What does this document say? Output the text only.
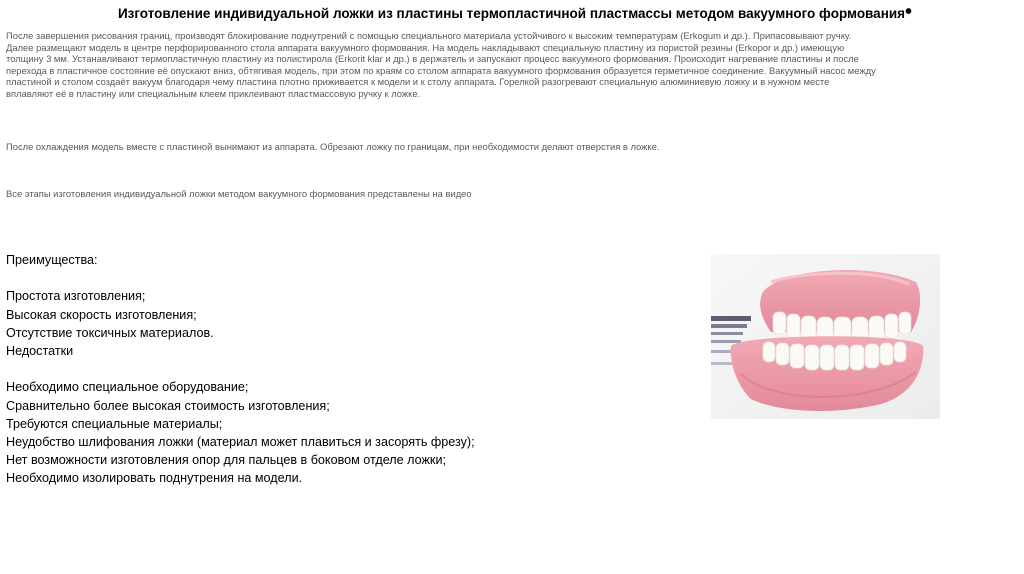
Изготовление индивидуальной ложки из пластины термопластичной пластмассы методом вакуумного формования•
После завершения рисования границ, производят блокирование поднутрений с помощью специального материала устойчивого к высоким температурам (Erkogum и др.). Припасовывают ручку.
Далее размещают модель в центре перфорированного стола аппарата вакуумного формования. На модель накладывают специальную пластину из пористой резины (Erkopor и др.) имеющую
толщину 3 мм. Устанавливают термопластичную пластину из полистирола (Erkorit klar и др.) в держатель и запускают процесс вакуумного формования. Происходит нагревание пластины и после
перехода в пластичное состояние её опускают вниз, обтягивая модель, при этом по краям со столом аппарата вакуумного формования образуется герметичное соединение. Вакуумный насос между
пластиной и столом создаёт вакуум благодаря чему пластина плотно приживается к модели и к столу аппарата. Горелкой разогревают специальную алюминиевую ложку и в нужном месте
вплавляют её в пластину или специальным клеем приклеивают пластмассовую ручку к ложке.
После охлаждения модель вместе с пластиной вынимают из аппарата. Обрезают ложку по границам, при необходимости делают отверстия в ложке.
Все этапы изготовления индивидуальной ложки методом вакуумного формования представлены на видео
Преимущества:
Простота изготовления;
Высокая скорость изготовления;
Отсутствие токсичных материалов.
Недостатки
Необходимо специальное оборудование;
Сравнительно более высокая стоимость изготовления;
Требуются специальные материалы;
Неудобство шлифования ложки (материал может плавиться и засорять фрезу);
Нет возможности изготовления опор для пальцев в боковом отделе ложки;
Необходимо изолировать поднутрения на модели.
